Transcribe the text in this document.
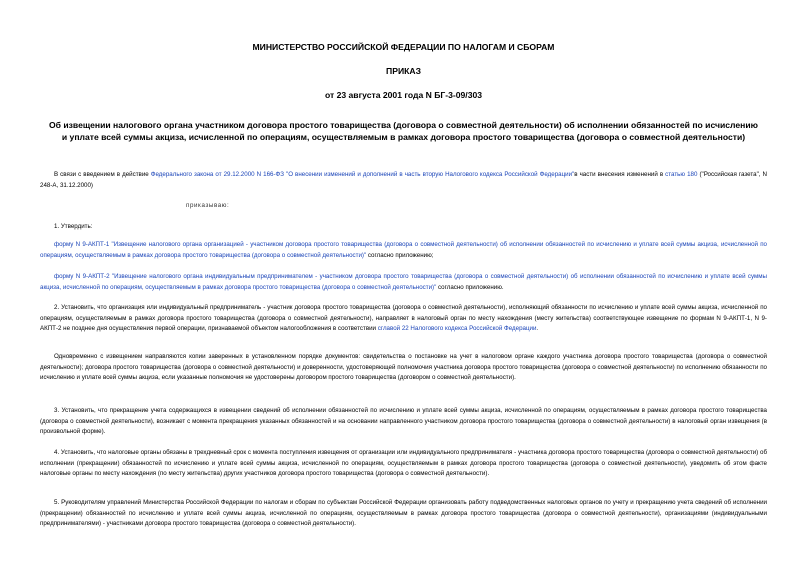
МИНИСТЕРСТВО РОССИЙСКОЙ ФЕДЕРАЦИИ ПО НАЛОГАМ И СБОРАМ
ПРИКАЗ
от 23 августа 2001 года N БГ-3-09/303
Об извещении налогового органа участником договора простого товарищества (договора о совместной деятельности) об исполнении обязанностей по исчислению и уплате всей суммы акциза, исчисленной по операциям, осуществляемым в рамках договора простого товарищества (договора о совместной деятельности)

В связи с введением в действие Федерального закона от 29.12.2000 N 166-ФЗ "О внесении изменений и дополнений в часть вторую Налогового кодекса Российской Федерации"в части внесения изменений в статью 180 ("Российская газета", N 248-А, 31.12.2000)

приказываю:

1. Утвердить:

форму N 9-АКПТ-1 "Извещение налогового органа организацией - участником договора простого товарищества (договора о совместной деятельности) об исполнении обязанностей по исчислению и уплате всей суммы акциза, исчисленной по операциям, осуществляемым в рамках договора простого товарищества (договора о совместной деятельности)" согласно приложению;

форму N 9-АКПТ-2 "Извещение налогового органа индивидуальным предпринимателем - участником договора простого товарищества (договора о совместной деятельности) об исполнении обязанностей по исчислению и уплате всей суммы акциза, исчисленной по операциям, осуществляемым в рамках договора простого товарищества (договора о совместной деятельности)" согласно приложению.

2. Установить, что организация или индивидуальный предприниматель - участник договора простого товарищества (договора о совместной деятельности), исполняющий обязанности по исчислению и уплате всей суммы акциза, исчисленной по операциям, осуществляемым в рамках договора простого товарищества (договора о совместной деятельности), направляет в налоговый орган по месту нахождения (месту жительства) соответствующее извещение по формам N 9-АКПТ-1, N 9-АКПТ-2 не позднее дня осуществления первой операции, признаваемой объектом налогообложения в соответствии сглавой 22 Налогового кодекса Российской Федерации.

Одновременно с извещением направляются копии заверенных в установленном порядке документов: свидетельства о постановке на учет в налоговом органе каждого участника договора простого товарищества (договора о совместной деятельности); договора простого товарищества (договора о совместной деятельности) и доверенности, удостоверяющей полномочия участника договора простого товарищества (договора о совместной деятельности) по исполнению обязанности по исчислению и уплате всей суммы акциза, если указанные полномочия не удостоверены договором простого товарищества (договором о совместной деятельности).

3. Установить, что прекращение учета содержащихся в извещении сведений об исполнении обязанностей по исчислению и уплате всей суммы акциза, исчисленной по операциям, осуществляемым в рамках договора простого товарищества (договора о совместной деятельности), возникает с момента прекращения указанных обязанностей и на основании направленного участником договора простого товарищества (договора о совместной деятельности) в налоговый орган извещения (в произвольной форме).

4. Установить, что налоговые органы обязаны в трехдневный срок с момента поступления извещения от организации или индивидуального предпринимателя - участника договора простого товарищества (договора о совместной деятельности) об исполнении (прекращении) обязанностей по исчислению и уплате всей суммы акциза, исчисленной по операциям, осуществляемым в рамках договора простого товарищества (договора о совместной деятельности), уведомить об этом факте налоговые органы по месту нахождения (по месту жительства) других участников договора простого товарищества (договора о совместной деятельности).

5. Руководителям управлений Министерства Российской Федерации по налогам и сборам по субъектам Российской Федерации организовать работу подведомственных налоговых органов по учету и прекращению учета сведений об исполнении (прекращении) обязанностей по исчислению и уплате всей суммы акциза, исчисленной по операциям, осуществляемым в рамках договора простого товарищества (договора о совместной деятельности), организациями (индивидуальными предпринимателями) - участниками договора простого товарищества (договора о совместной деятельности).
